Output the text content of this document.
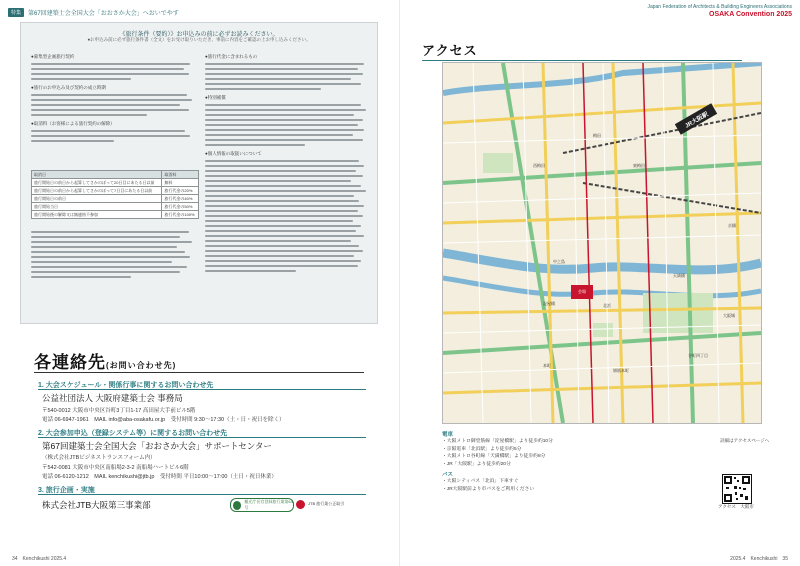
特集	第67回建築士会全国大会「おおさか大会」へおいでやす
《旅行条件（要約）》お申込みの前に必ずお読みください。
●お申込み前に必ず旅行条件書（全文）をお受け取りいただき、事前に内容をご確認の上お申し込みください。
●募集型企画旅行契約
●旅行のお申込み及び契約の成立時期
●取消料（お客様による旅行契約の解除）
取消日	取消料
旅行開始日の前日から起算してさかのぼって20日目にあたる日以前	無料
旅行開始日の前日から起算してさかのぼって7日目にあたる日以前	旅行代金の20%
旅行開始日の前日	旅行代金の40%
旅行開始当日	旅行代金の50%
旅行開始後の解除又は無連絡不参加	旅行代金の100%
●旅行代金に含まれるもの
●特別補償
●個人情報の取扱いについて
各連絡先(お問い合わせ先)
1. 大会スケジュール・関係行事に関するお問い合わせ先
公益社団法人 大阪府建築士会 事務局
〒540-0012 大阪市中央区谷町3丁目1-17 高田屋大手前ビル5階
電話 06-6947-1961　MAIL info@aba-osakafu.or.jp　受付時間 9:30〜17:30（土・日・祝日を除く）
2. 大会参加申込（登録システム等）に関するお問い合わせ先
第67回建築士会全国大会「おおさか大会」サポートセンター
（株式会社JTBビジネストランスフォーム内）
〒542-0081 大阪市中央区南船場2-3-2 南船場ハートビル6階
電話 06-6120-1212　MAIL kenchikushi@jtb.jp　受付時間 平日10:00〜17:00（土日・祝日休業）
3. 旅行企画・実施
株式会社JTB大阪第三事業部	観光庁長官登録旅行業第64号
JTB 旅行業公正取引
34　Kenchikushi 2025.4
Japan Federation of Architects & Building Engineers Associations
OSAKA Convention 2025
アクセス
JR大阪駅
会場
梅田
中之島
淀屋橋	北浜
天満橋
本町
堺筋本町
谷町四丁目
大阪城
京橋
西梅田	東梅田
電車
・大阪メトロ御堂筋線「淀屋橋駅」より徒歩約10分
・京阪電車「北浜駅」より徒歩約5分
・大阪メトロ谷町線「天満橋駅」より徒歩約8分
・JR「大阪駅」より徒歩約20分
バス
・大阪シティバス「北浜」下車すぐ
・JR大阪駅前より市バスをご利用ください
詳細はアクセスページへ
アクセス　大阪市
2025.4　Kenchikushi　35
